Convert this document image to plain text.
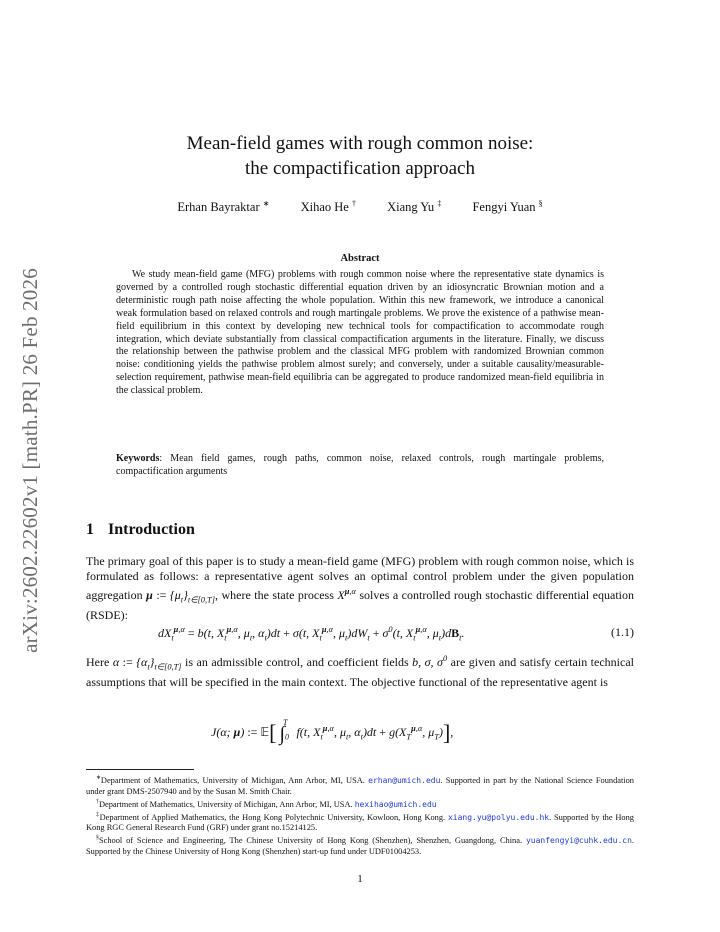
arXiv:2602.22602v1 [math.PR] 26 Feb 2026
Mean-field games with rough common noise:
the compactification approach
Erhan Bayraktar ∗ Xihao He † Xiang Yu ‡ Fengyi Yuan §
Abstract

We study mean-field game (MFG) problems with rough common noise where the representative state dynamics is governed by a controlled rough stochastic differential equation driven by an idiosyncratic Brownian motion and a deterministic rough path noise affecting the whole population. Within this new framework, we introduce a canonical weak formulation based on relaxed controls and rough martingale problems. We prove the existence of a pathwise mean-field equilibrium in this context by developing new technical tools for compactification to accommodate rough integration, which deviate substantially from classical compactification arguments in the literature. Finally, we discuss the relationship between the pathwise problem and the classical MFG problem with randomized Brownian common noise: conditioning yields the pathwise problem almost surely; and conversely, under a suitable causality/measurable-selection requirement, pathwise mean-field equilibria can be aggregated to produce randomized mean-field equilibria in the classical problem.

Keywords: Mean field games, rough paths, common noise, relaxed controls, rough martingale problems, compactification arguments

1 Introduction

The primary goal of this paper is to study a mean-field game (MFG) problem with rough common noise, which is formulated as follows: a representative agent solves an optimal control problem under the given population aggregation μ := $\{\mu_t\}_{t\in[0,T]}$, where the state process $X^{\mu,\alpha}$ solves a controlled rough stochastic differential equation (RSDE):

$dX_t^{\mu,\alpha} = b(t$, $X_t^{\mu,\alpha}$, $\mu_t$, $\alpha_t)dt + \sigma(t$, $X_t^{\mu,\alpha}$, $\mu_t)dW_t + \sigma^0(t$, $X_t^{\mu,\alpha}$, $\mu_t)dB_t$.	(1.1)

Here α := $\{\alpha_t\}_{t\in[0,T]}$ is an admissible control, and coefficient fields b, σ, $\sigma^0$ are given and satisfy certain technical assumptions that will be specified in the main context. The objective functional of the representative agent is

J(α; μ) := 𝔼[ $\int_0^T$ f(t, $X_t^{\mu,\alpha}$, $\mu_t$, $\alpha_t)dt + g(X_T^{\mu,\alpha}$, $\mu_T$)],

∗Department of Mathematics, University of Michigan, Ann Arbor, MI, USA. erhan@umich.edu. Supported in part by the National Science Foundation under grant DMS-2507940 and by the Susan M. Smith Chair.

†Department of Mathematics, University of Michigan, Ann Arbor, MI, USA. hexihao@umich.edu

‡Department of Applied Mathematics, the Hong Kong Polytechnic University, Kowloon, Hong Kong. xiang.yu@polyu.edu.hk. Supported by the Hong Kong RGC General Research Fund (GRF) under grant no.15214125.

§School of Science and Engineering, The Chinese University of Hong Kong (Shenzhen), Shenzhen, Guangdong, China. yuanfengyi@cuhk.edu.cn. Supported by the Chinese University of Hong Kong (Shenzhen) start-up fund under UDF01004253.

1
